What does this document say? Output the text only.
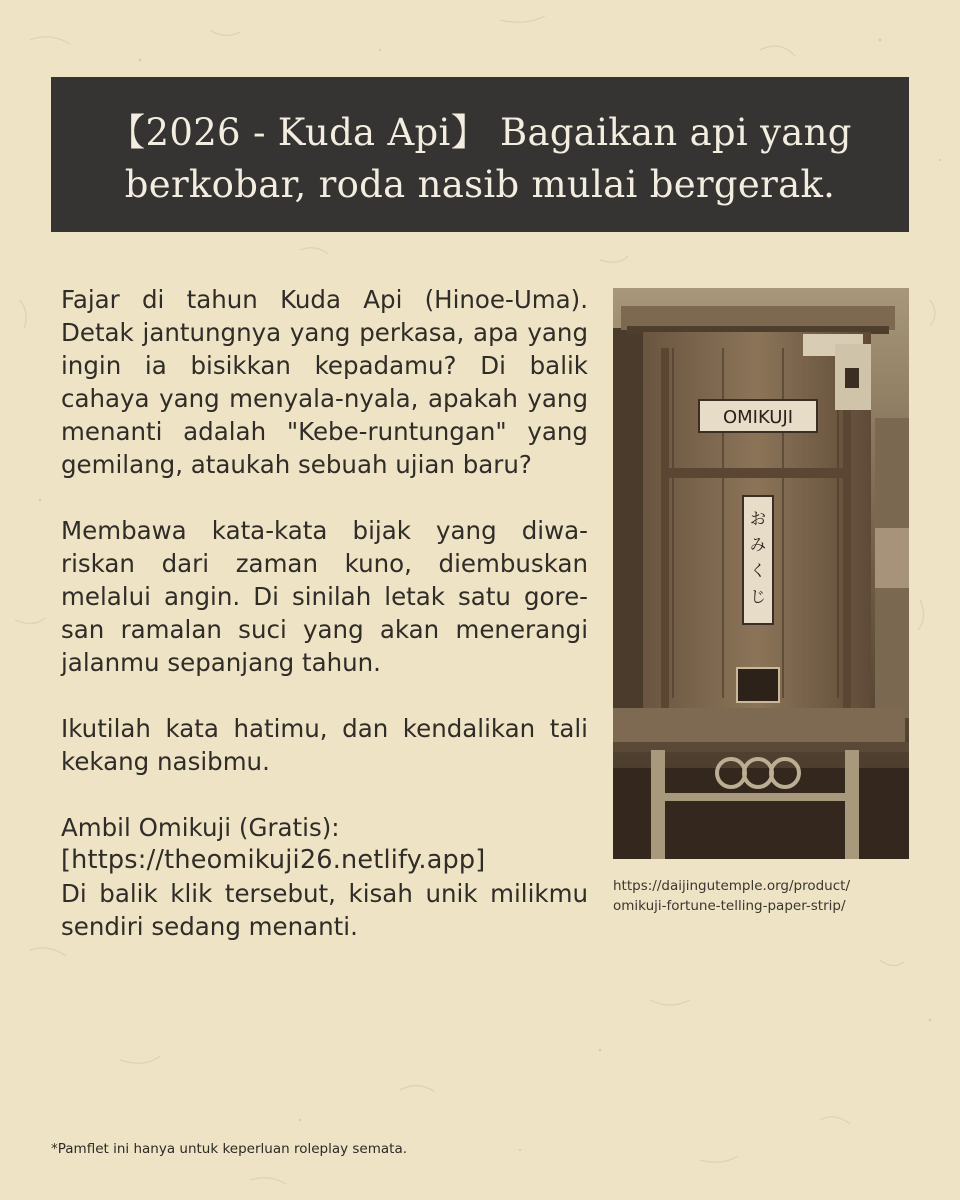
【2026 - Kuda Api】 Bagaikan api yang
berkobar, roda nasib mulai bergerak.

Fajar di tahun Kuda Api (Hinoe-Uma). Detak jantungnya yang perkasa, apa yang ingin ia bisikkan kepadamu? Di balik cahaya yang menyala-nyala, apakah yang menanti adalah "Kebe-runtungan" yang gemilang, ataukah sebuah ujian baru?

Membawa kata-kata bijak yang diwa-riskan dari zaman kuno, diembuskan melalui angin. Di sinilah letak satu gore-san ramalan suci yang akan menerangi jalanmu sepanjang tahun.

Ikutilah kata hatimu, dan kendalikan tali kekang nasibmu.

Ambil Omikuji (Gratis):

[https://theomikuji26.netlify.app]

Di balik klik tersebut, kisah unik milikmu sendiri sedang menanti.

OMIKUJI
おみくじ
https://daijingutemple.org/product/
omikuji-fortune-telling-paper-strip/
*Pamflet ini hanya untuk keperluan roleplay semata.
